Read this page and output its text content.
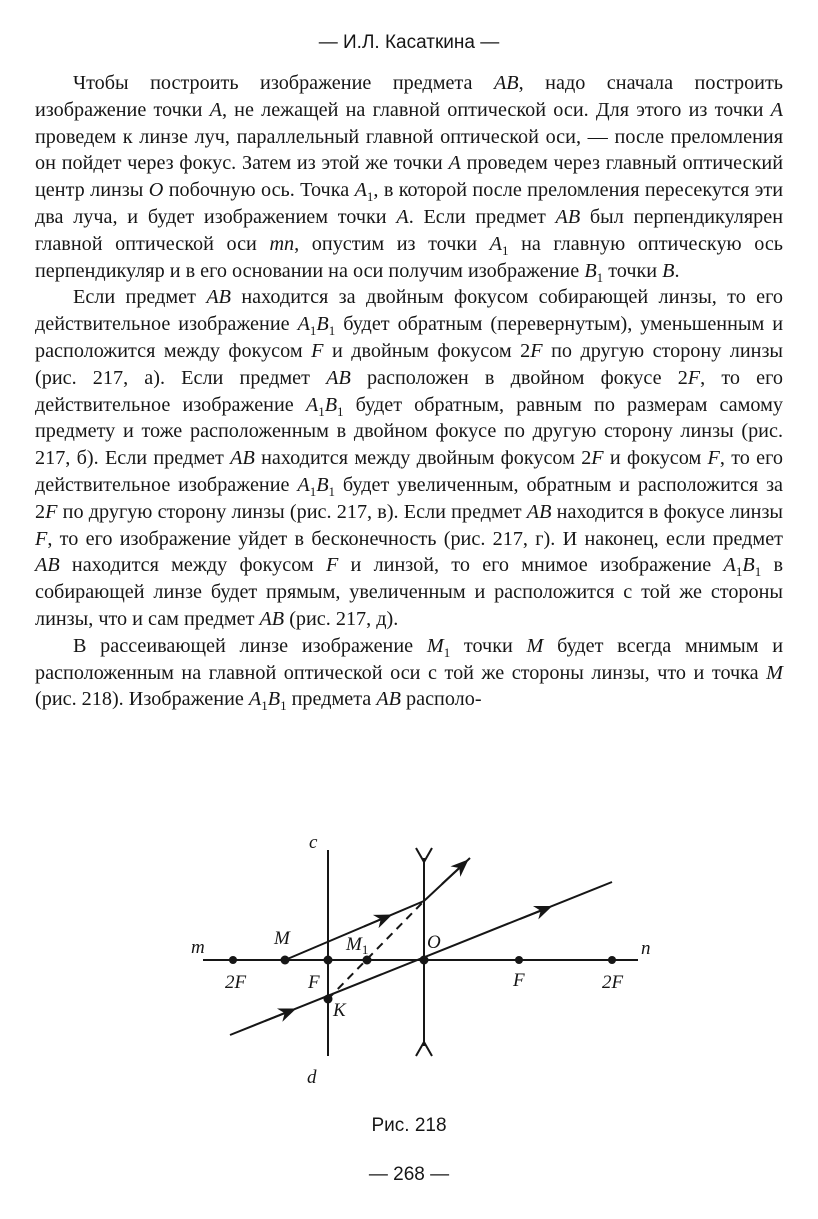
— И.Л. Касаткина —

Чтобы построить изображение предмета AB, надо сначала построить изображение точки A, не лежащей на главной оптической оси. Для этого из точки A проведем к линзе луч, параллельный главной оптической оси, — после преломления он пойдет через фокус. Затем из этой же точки A проведем через главный оптический центр линзы O побочную ось. Точка $A_1$, в которой после преломления пересекутся эти два луча, и будет изображением точки A. Если предмет AB был перпендикулярен главной оптической оси mn, опустим из точки $A_1$ на главную оптическую ось перпендикуляр и в его основании на оси получим изображение $B_1$ точки B.

Если предмет AB находится за двойным фокусом собирающей линзы, то его действительное изображение $A_1B_1$ будет обратным (перевернутым), уменьшенным и расположится между фокусом F и двойным фокусом 2F по другую сторону линзы (рис. 217, а). Если предмет AB расположен в двойном фокусе 2F, то его действительное изображение $A_1B_1$ будет обратным, равным по размерам самому предмету и тоже расположенным в двойном фокусе по другую сторону линзы (рис. 217, б). Если предмет AB находится между двойным фокусом 2F и фокусом F, то его действительное изображение $A_1B_1$ будет увеличенным, обратным и расположится за 2F по другую сторону линзы (рис. 217, в). Если предмет AB находится в фокусе линзы F, то его изображение уйдет в бесконечность (рис. 217, г). И наконец, если предмет AB находится между фокусом F и линзой, то его мнимое изображение $A_1B_1$ в собирающей линзе будет прямым, увеличенным и расположится с той же стороны линзы, что и сам предмет AB (рис. 217, д).

В рассеивающей линзе изображение $M_1$ точки M будет всегда мнимым и расположенным на главной оптической оси с той же стороны линзы, что и точка M (рис. 218). Изображение $A_1B_1$ предмета AB располо-

c
d
m	n
M	$M_1$	O
K
2F	F	F	2F
Рис. 218
— 268 —
